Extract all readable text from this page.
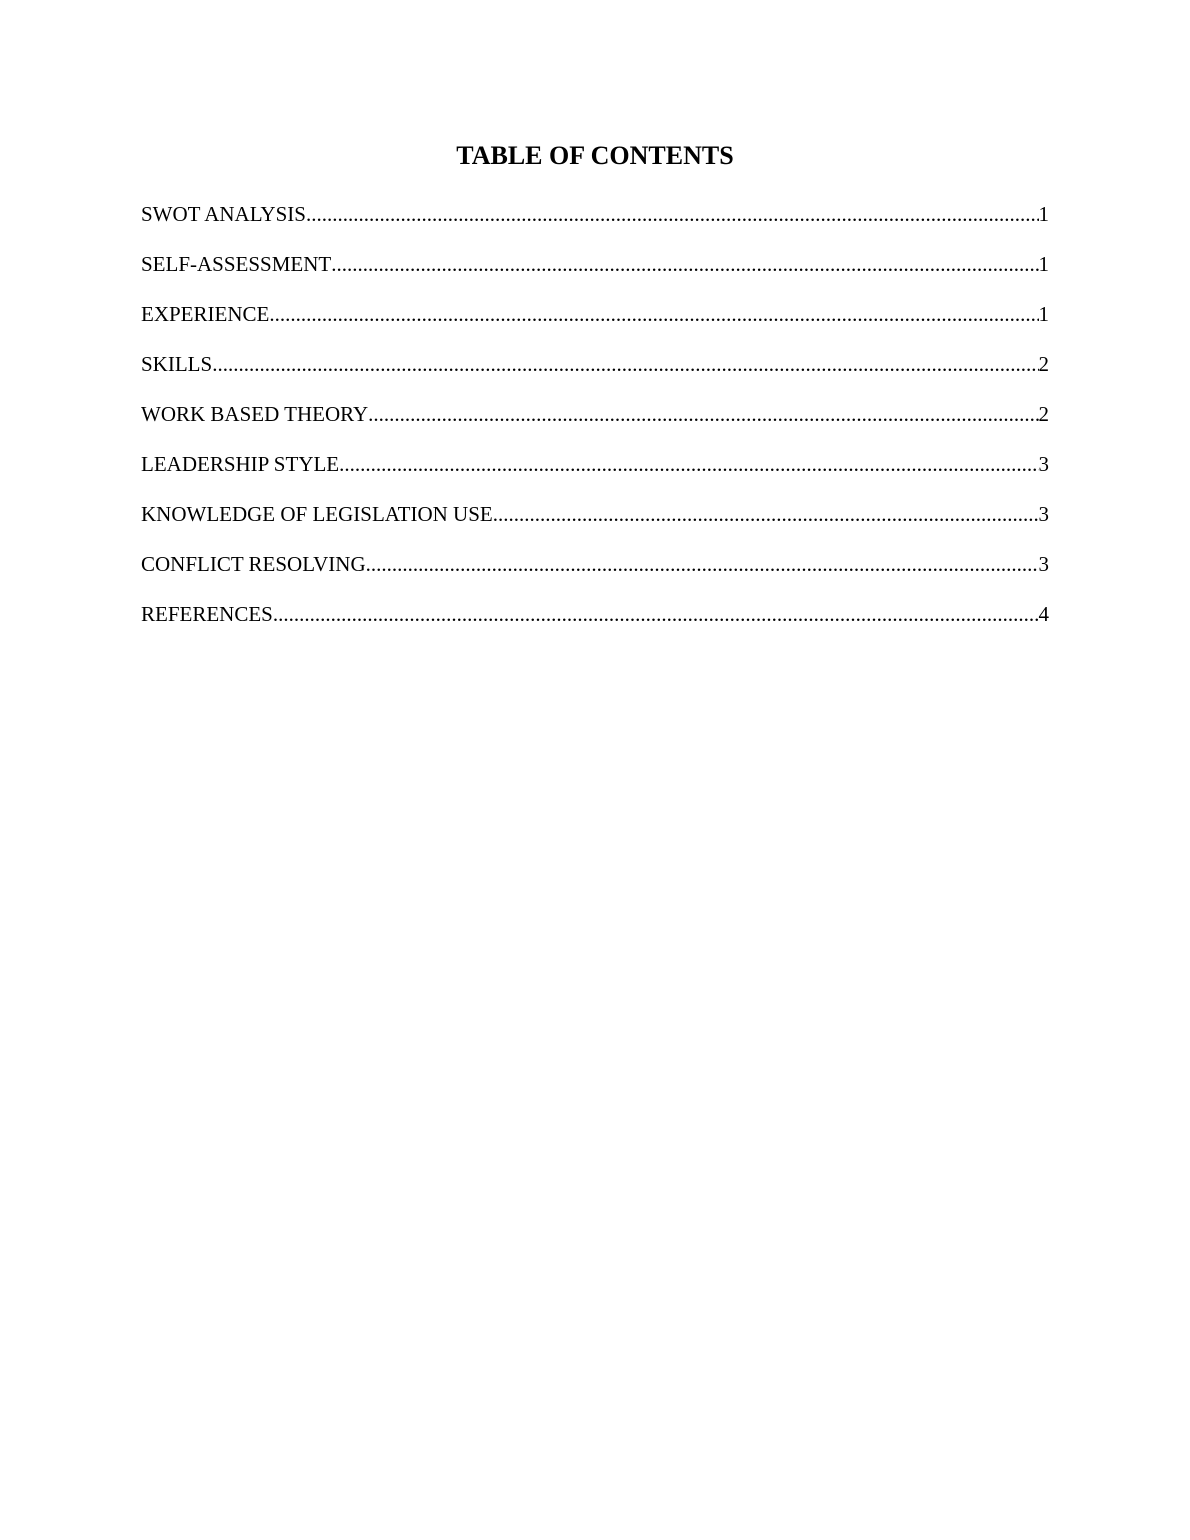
TABLE OF CONTENTS
SWOT ANALYSIS .....	1
SELF-ASSESSMENT .....	1
EXPERIENCE .....	1
SKILLS .....	2
WORK BASED THEORY .....	2
LEADERSHIP STYLE .....	3
KNOWLEDGE OF LEGISLATION USE .....	3
CONFLICT RESOLVING .....	3
REFERENCES .....	4
